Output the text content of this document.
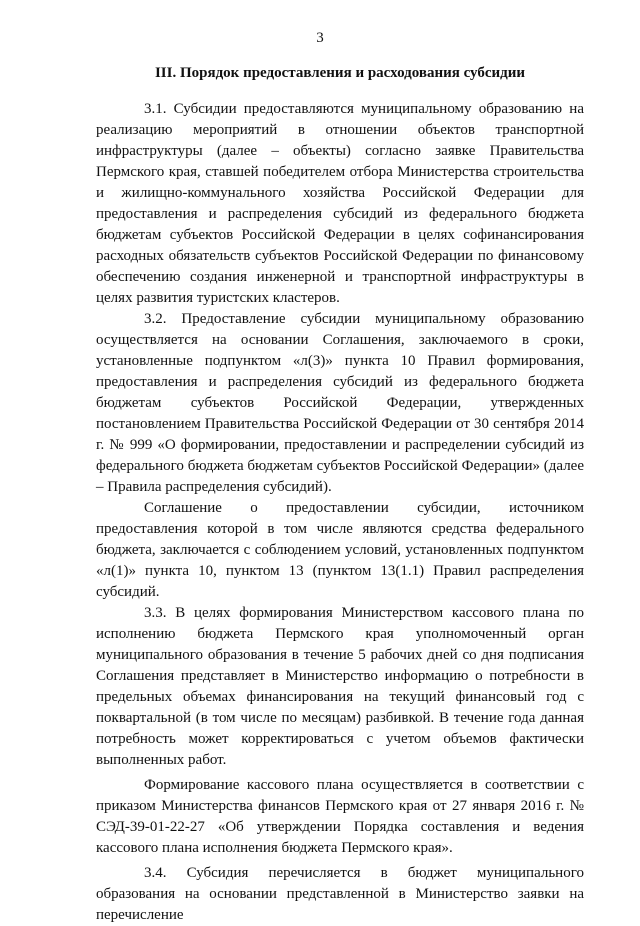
3
III. Порядок предоставления и расходования субсидии

3.1. Субсидии предоставляются муниципальному образованию на реализацию мероприятий в отношении объектов транспортной инфраструктуры (далее – объекты) согласно заявке Правительства Пермского края, ставшей победителем отбора Министерства строительства и жилищно-коммунального хозяйства Российской Федерации для предоставления и распределения субсидий из федерального бюджета бюджетам субъектов Российской Федерации в целях софинансирования расходных обязательств субъектов Российской Федерации по финансовому обеспечению создания инженерной и транспортной инфраструктуры в целях развития туристских кластеров.

3.2. Предоставление субсидии муниципальному образованию осуществляется на основании Соглашения, заключаемого в сроки, установленные подпунктом «л(3)» пункта 10 Правил формирования, предоставления и распределения субсидий из федерального бюджета бюджетам субъектов Российской Федерации, утвержденных постановлением Правительства Российской Федерации от 30 сентября 2014 г. № 999 «О формировании, предоставлении и распределении субсидий из федерального бюджета бюджетам субъектов Российской Федерации» (далее – Правила распределения субсидий).

Соглашение о предоставлении субсидии, источником предоставления которой в том числе являются средства федерального бюджета, заключается с соблюдением условий, установленных подпунктом «л(1)» пункта 10, пунктом 13 (пунктом 13(1.1) Правил распределения субсидий.

3.3. В целях формирования Министерством кассового плана по исполнению бюджета Пермского края уполномоченный орган муниципального образования в течение 5 рабочих дней со дня подписания Соглашения представляет в Министерство информацию о потребности в предельных объемах финансирования на текущий финансовый год с поквартальной (в том числе по месяцам) разбивкой. В течение года данная потребность может корректироваться с учетом объемов фактически выполненных работ.

Формирование кассового плана осуществляется в соответствии с приказом Министерства финансов Пермского края от 27 января 2016 г. № СЭД-39-01-22-27 «Об утверждении Порядка составления и ведения кассового плана исполнения бюджета Пермского края».

3.4. Субсидия перечисляется в бюджет муниципального образования на основании представленной в Министерство заявки на перечисление
